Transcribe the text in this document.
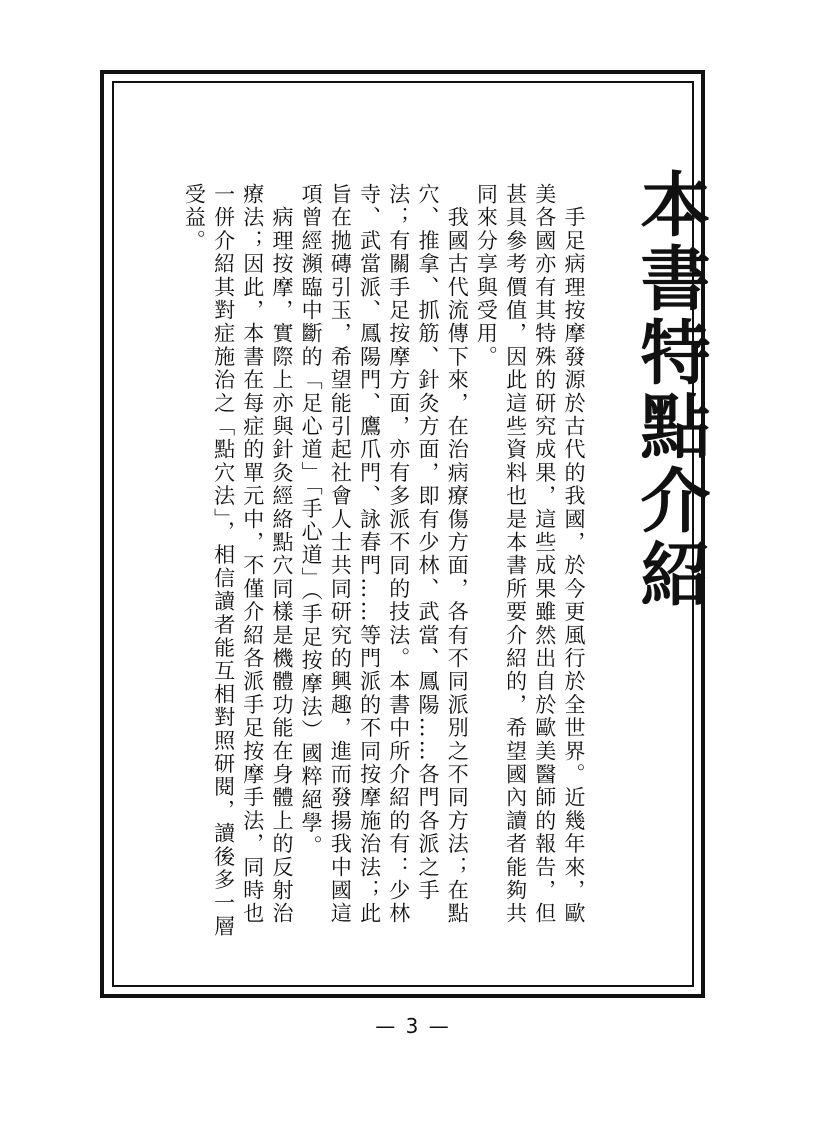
本書特點介紹

　手足病理按摩發源於古代的我國，於今更風行於全世界。近幾年來，歐美各國亦有其特殊的研究成果，這些成果雖然出自於歐美醫師的報告，但甚具參考價值，因此這些資料也是本書所要介紹的，希望國內讀者能夠共同來分享與受用。

　我國古代流傳下來，在治病療傷方面，各有不同派別之不同方法；在點穴、推拿、抓筋、針灸方面，即有少林、武當、鳳陽……各門各派之手法；有關手足按摩方面，亦有多派不同的技法。本書中所介紹的有：少林寺、武當派、鳳陽門、鷹爪門、詠春門……等門派的不同按摩施治法；此旨在拋磚引玉，希望能引起社會人士共同研究的興趣，進而發揚我中國這項曾經瀕臨中斷的「足心道」「手心道」（手足按摩法）國粹絕學。

　病理按摩，實際上亦與針灸經絡點穴同樣是機體功能在身體上的反射治療法；因此，本書在每症的單元中，不僅介紹各派手足按摩手法，同時也一併介紹其對症施治之「點穴法」，相信讀者能互相對照研閱，讀後多一層受益。

— 3 —
